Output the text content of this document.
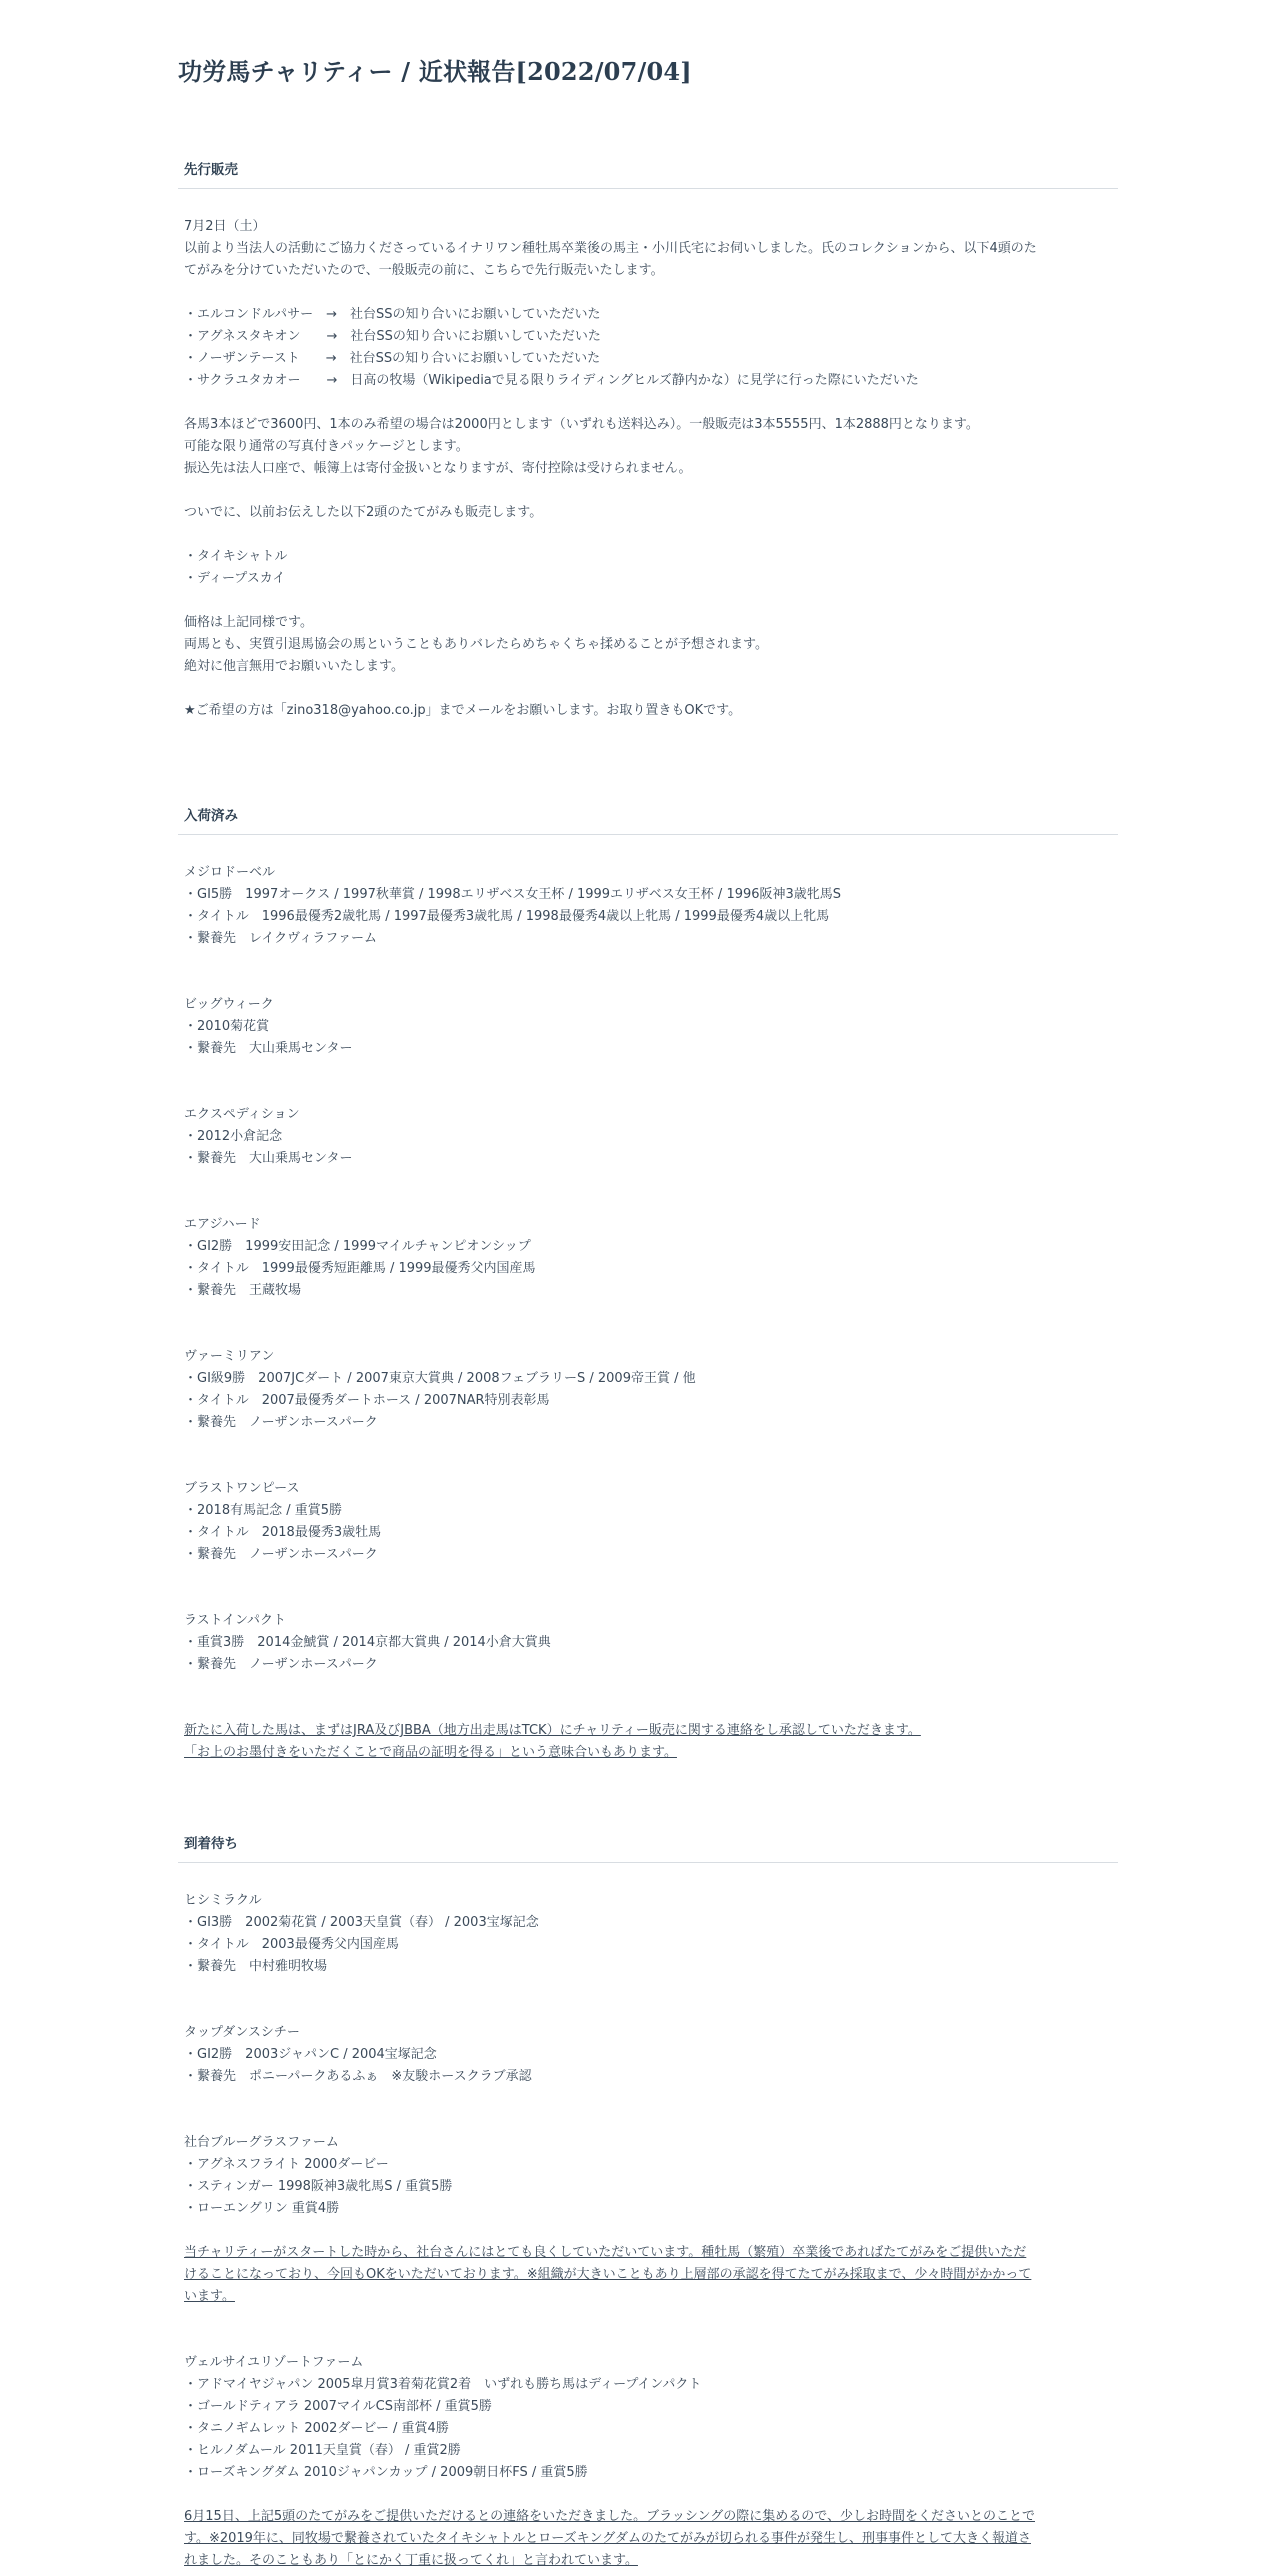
功労馬チャリティー / 近状報告[2022/07/04]
先行販売

7月2日（土）

以前より当法人の活動にご協力くださっているイナリワン種牡馬卒業後の馬主・小川氏宅にお伺いしました。氏のコレクションから、以下4頭のた

てがみを分けていただいたので、一般販売の前に、こちらで先行販売いたします。

・エルコンドルパサー　→　社台SSの知り合いにお願いしていただいた

・アグネスタキオン　　→　社台SSの知り合いにお願いしていただいた

・ノーザンテースト　　→　社台SSの知り合いにお願いしていただいた

・サクラユタカオー　　→　日高の牧場（Wikipediaで見る限りライディングヒルズ静内かな）に見学に行った際にいただいた

各馬3本ほどで3600円、1本のみ希望の場合は2000円とします（いずれも送料込み）。一般販売は3本5555円、1本2888円となります。

可能な限り通常の写真付きパッケージとします。

振込先は法人口座で、帳簿上は寄付金扱いとなりますが、寄付控除は受けられません。

ついでに、以前お伝えした以下2頭のたてがみも販売します。

・タイキシャトル

・ディープスカイ

価格は上記同様です。

両馬とも、実質引退馬協会の馬ということもありバレたらめちゃくちゃ揉めることが予想されます。

絶対に他言無用でお願いいたします。

★ご希望の方は「zino318@yahoo.co.jp」までメールをお願いします。お取り置きもOKです。

入荷済み

メジロドーベル

・GI5勝　1997オークス / 1997秋華賞 / 1998エリザベス女王杯 / 1999エリザベス女王杯 / 1996阪神3歳牝馬S

・タイトル　1996最優秀2歳牝馬 / 1997最優秀3歳牝馬 / 1998最優秀4歳以上牝馬 / 1999最優秀4歳以上牝馬

・繋養先　レイクヴィラファーム

ビッグウィーク

・2010菊花賞

・繋養先　大山乗馬センター

エクスペディション

・2012小倉記念

・繋養先　大山乗馬センター

エアジハード

・GI2勝　1999安田記念 / 1999マイルチャンピオンシップ

・タイトル　1999最優秀短距離馬 / 1999最優秀父内国産馬

・繋養先　王蔵牧場

ヴァーミリアン

・GI級9勝　2007JCダート / 2007東京大賞典 / 2008フェブラリーS / 2009帝王賞 / 他

・タイトル　2007最優秀ダートホース / 2007NAR特別表彰馬

・繋養先　ノーザンホースパーク

ブラストワンピース

・2018有馬記念 / 重賞5勝

・タイトル　2018最優秀3歳牡馬

・繋養先　ノーザンホースパーク

ラストインパクト

・重賞3勝　2014金鯱賞 / 2014京都大賞典 / 2014小倉大賞典

・繋養先　ノーザンホースパーク

新たに入荷した馬は、まずはJRA及びJBBA（地方出走馬はTCK）にチャリティー販売に関する連絡をし承認していただきます。

「お上のお墨付きをいただくことで商品の証明を得る」という意味合いもあります。

到着待ち

ヒシミラクル

・GI3勝　2002菊花賞 / 2003天皇賞（春） / 2003宝塚記念

・タイトル　2003最優秀父内国産馬

・繋養先　中村雅明牧場

タップダンスシチー

・GI2勝　2003ジャパンC / 2004宝塚記念

・繋養先　ポニーパークあるふぁ　※友駿ホースクラブ承認

社台ブルーグラスファーム

・アグネスフライト 2000ダービー

・スティンガー 1998阪神3歳牝馬S / 重賞5勝

・ローエングリン 重賞4勝

当チャリティーがスタートした時から、社台さんにはとても良くしていただいています。種牡馬（繁殖）卒業後であればたてがみをご提供いただ

けることになっており、今回もOKをいただいております。※組織が大きいこともあり上層部の承認を得てたてがみ採取まで、少々時間がかかって

います。

ヴェルサイユリゾートファーム

・アドマイヤジャパン 2005皐月賞3着菊花賞2着　いずれも勝ち馬はディープインパクト

・ゴールドティアラ 2007マイルCS南部杯 / 重賞5勝

・タニノギムレット 2002ダービー / 重賞4勝

・ヒルノダムール 2011天皇賞（春） / 重賞2勝

・ローズキングダム 2010ジャパンカップ / 2009朝日杯FS / 重賞5勝

6月15日、上記5頭のたてがみをご提供いただけるとの連絡をいただきました。ブラッシングの際に集めるので、少しお時間をくださいとのことで

す。※2019年に、同牧場で繋養されていたタイキシャトルとローズキングダムのたてがみが切られる事件が発生し、刑事事件として大きく報道さ

れました。そのこともあり「とにかく丁重に扱ってくれ」と言われています。
